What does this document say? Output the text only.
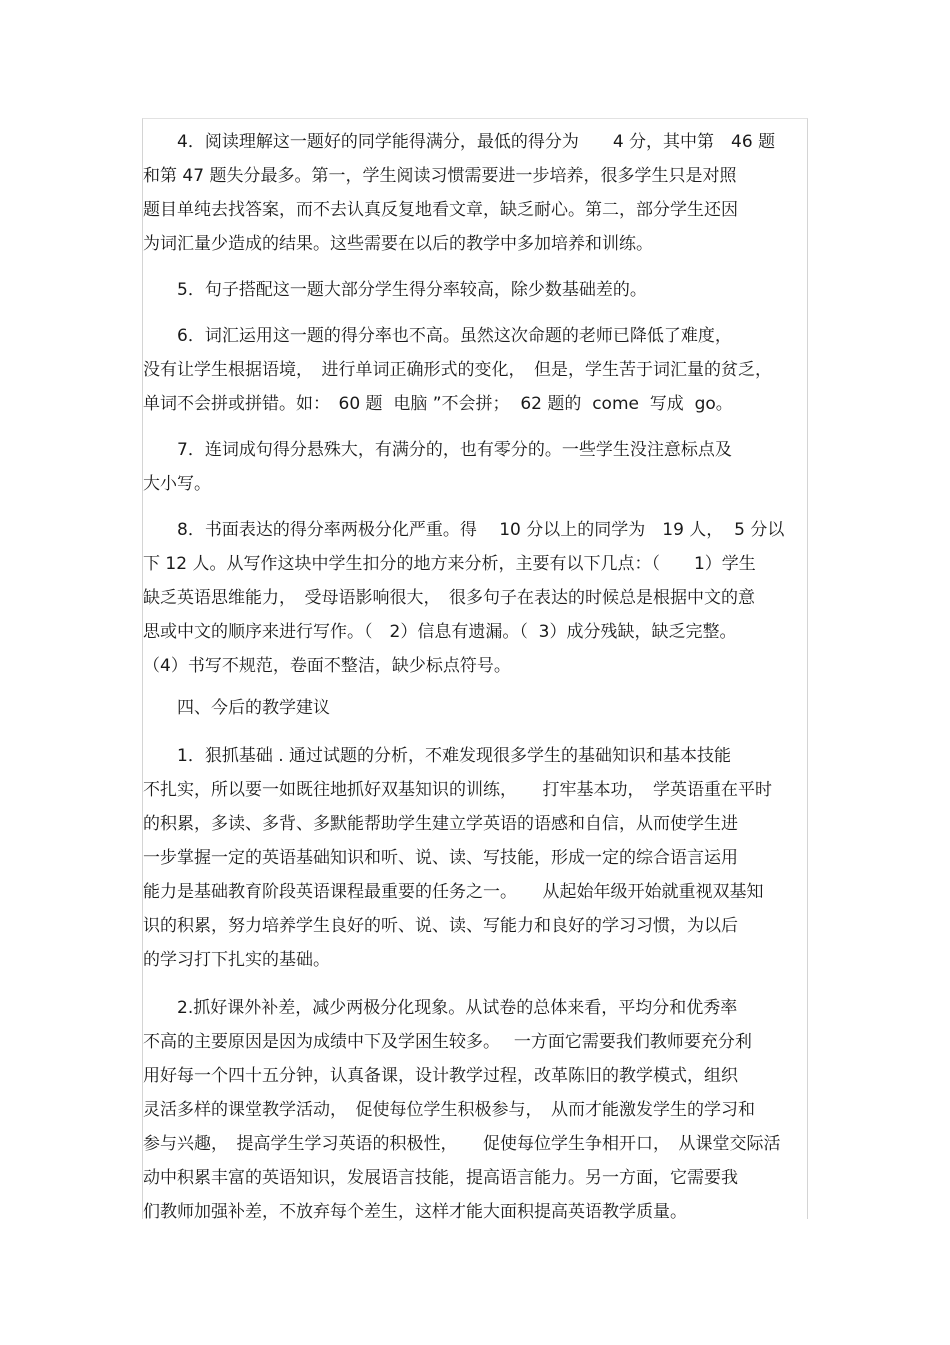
　　4．阅读理解这一题好的同学能得满分，最低的得分为　　4 分，其中第　46 题
和第 47 题失分最多。第一，学生阅读习惯需要进一步培养，很多学生只是对照
题目单纯去找答案，而不去认真反复地看文章，缺乏耐心。第二，部分学生还因
为词汇量少造成的结果。这些需要在以后的教学中多加培养和训练。
　　5．句子搭配这一题大部分学生得分率较高，除少数基础差的。
　　6．词汇运用这一题的得分率也不高。虽然这次命题的老师已降低了难度，
没有让学生根据语境，　进行单词正确形式的变化，　但是，学生苦于词汇量的贫乏，
单词不会拼或拼错。如：　60 题  电脑 ”不会拼；  62 题的  come  写成  go。
　　7．连词成句得分悬殊大，有满分的，也有零分的。一些学生没注意标点及
大小写。
　　8．书面表达的得分率两极分化严重。得　 10 分以上的同学为　19 人，  5 分以
下 12 人。从写作这块中学生扣分的地方来分析，主要有以下几点：（　　1）学生
缺乏英语思维能力，　受母语影响很大，　很多句子在表达的时候总是根据中文的意
思或中文的顺序来进行写作。（　2）信息有遗漏。（  3）成分残缺，缺乏完整。
（4）书写不规范，卷面不整洁，缺少标点符号。
　　四、今后的教学建议
　　1．狠抓基础 . 通过试题的分析，不难发现很多学生的基础知识和基本技能
不扎实，所以要一如既往地抓好双基知识的训练，　　打牢基本功，　学英语重在平时
的积累，多读、多背、多默能帮助学生建立学英语的语感和自信，从而使学生进
一步掌握一定的英语基础知识和听、说、读、写技能，形成一定的综合语言运用
能力是基础教育阶段英语课程最重要的任务之一。　　从起始年级开始就重视双基知
识的积累，努力培养学生良好的听、说、读、写能力和良好的学习习惯，为以后
的学习打下扎实的基础。
　　2.抓好课外补差，减少两极分化现象。从试卷的总体来看，平均分和优秀率
不高的主要原因是因为成绩中下及学困生较多。　 一方面它需要我们教师要充分利
用好每一个四十五分钟，认真备课，设计教学过程，改革陈旧的教学模式，组织
灵活多样的课堂教学活动，　促使每位学生积极参与，　从而才能激发学生的学习和
参与兴趣，　提高学生学习英语的积极性，　　促使每位学生争相开口，　从课堂交际活
动中积累丰富的英语知识，发展语言技能，提高语言能力。另一方面，它需要我
们教师加强补差，不放弃每个差生，这样才能大面积提高英语教学质量。
